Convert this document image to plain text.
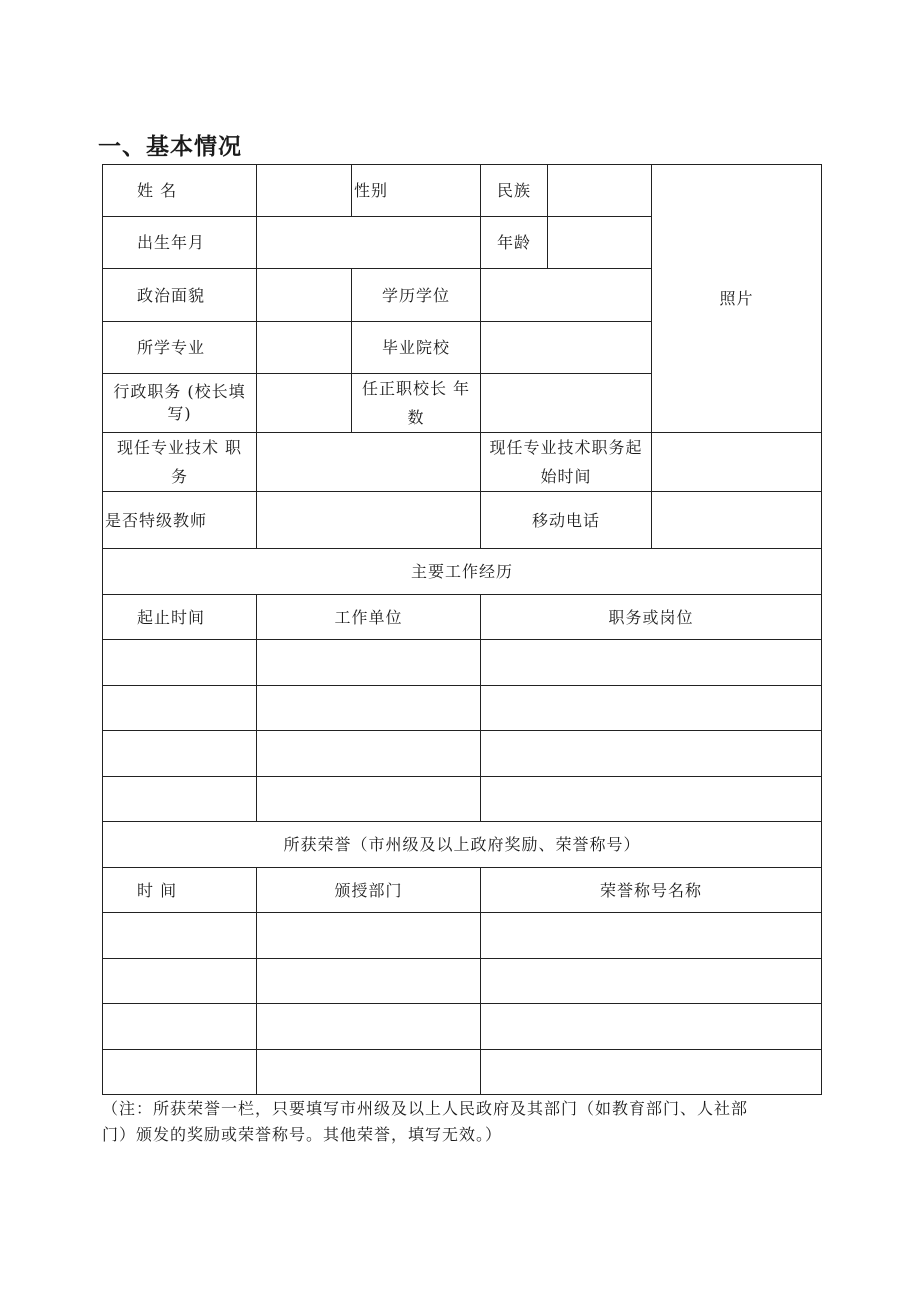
一、基本情况
姓 名		性别	民族		照片
出生年月			年龄		
政治面貌		学历学位			
所学专业		毕业院校			
行政职务 (校长填写)		任正职校长 年数			
现任专业技术 职务			现任专业技术职务起始时间		
是否特级教师			移动电话		
主要工作经历					
起止时间	工作单位		职务或岗位		

所获荣誉（市州级及以上政府奖励、荣誉称号）					
时 间	颁授部门		荣誉称号名称		

（注：所获荣誉一栏，只要填写市州级及以上人民政府及其部门（如教育部门、人社部门）颁发的奖励或荣誉称号。其他荣誉，填写无效。）
